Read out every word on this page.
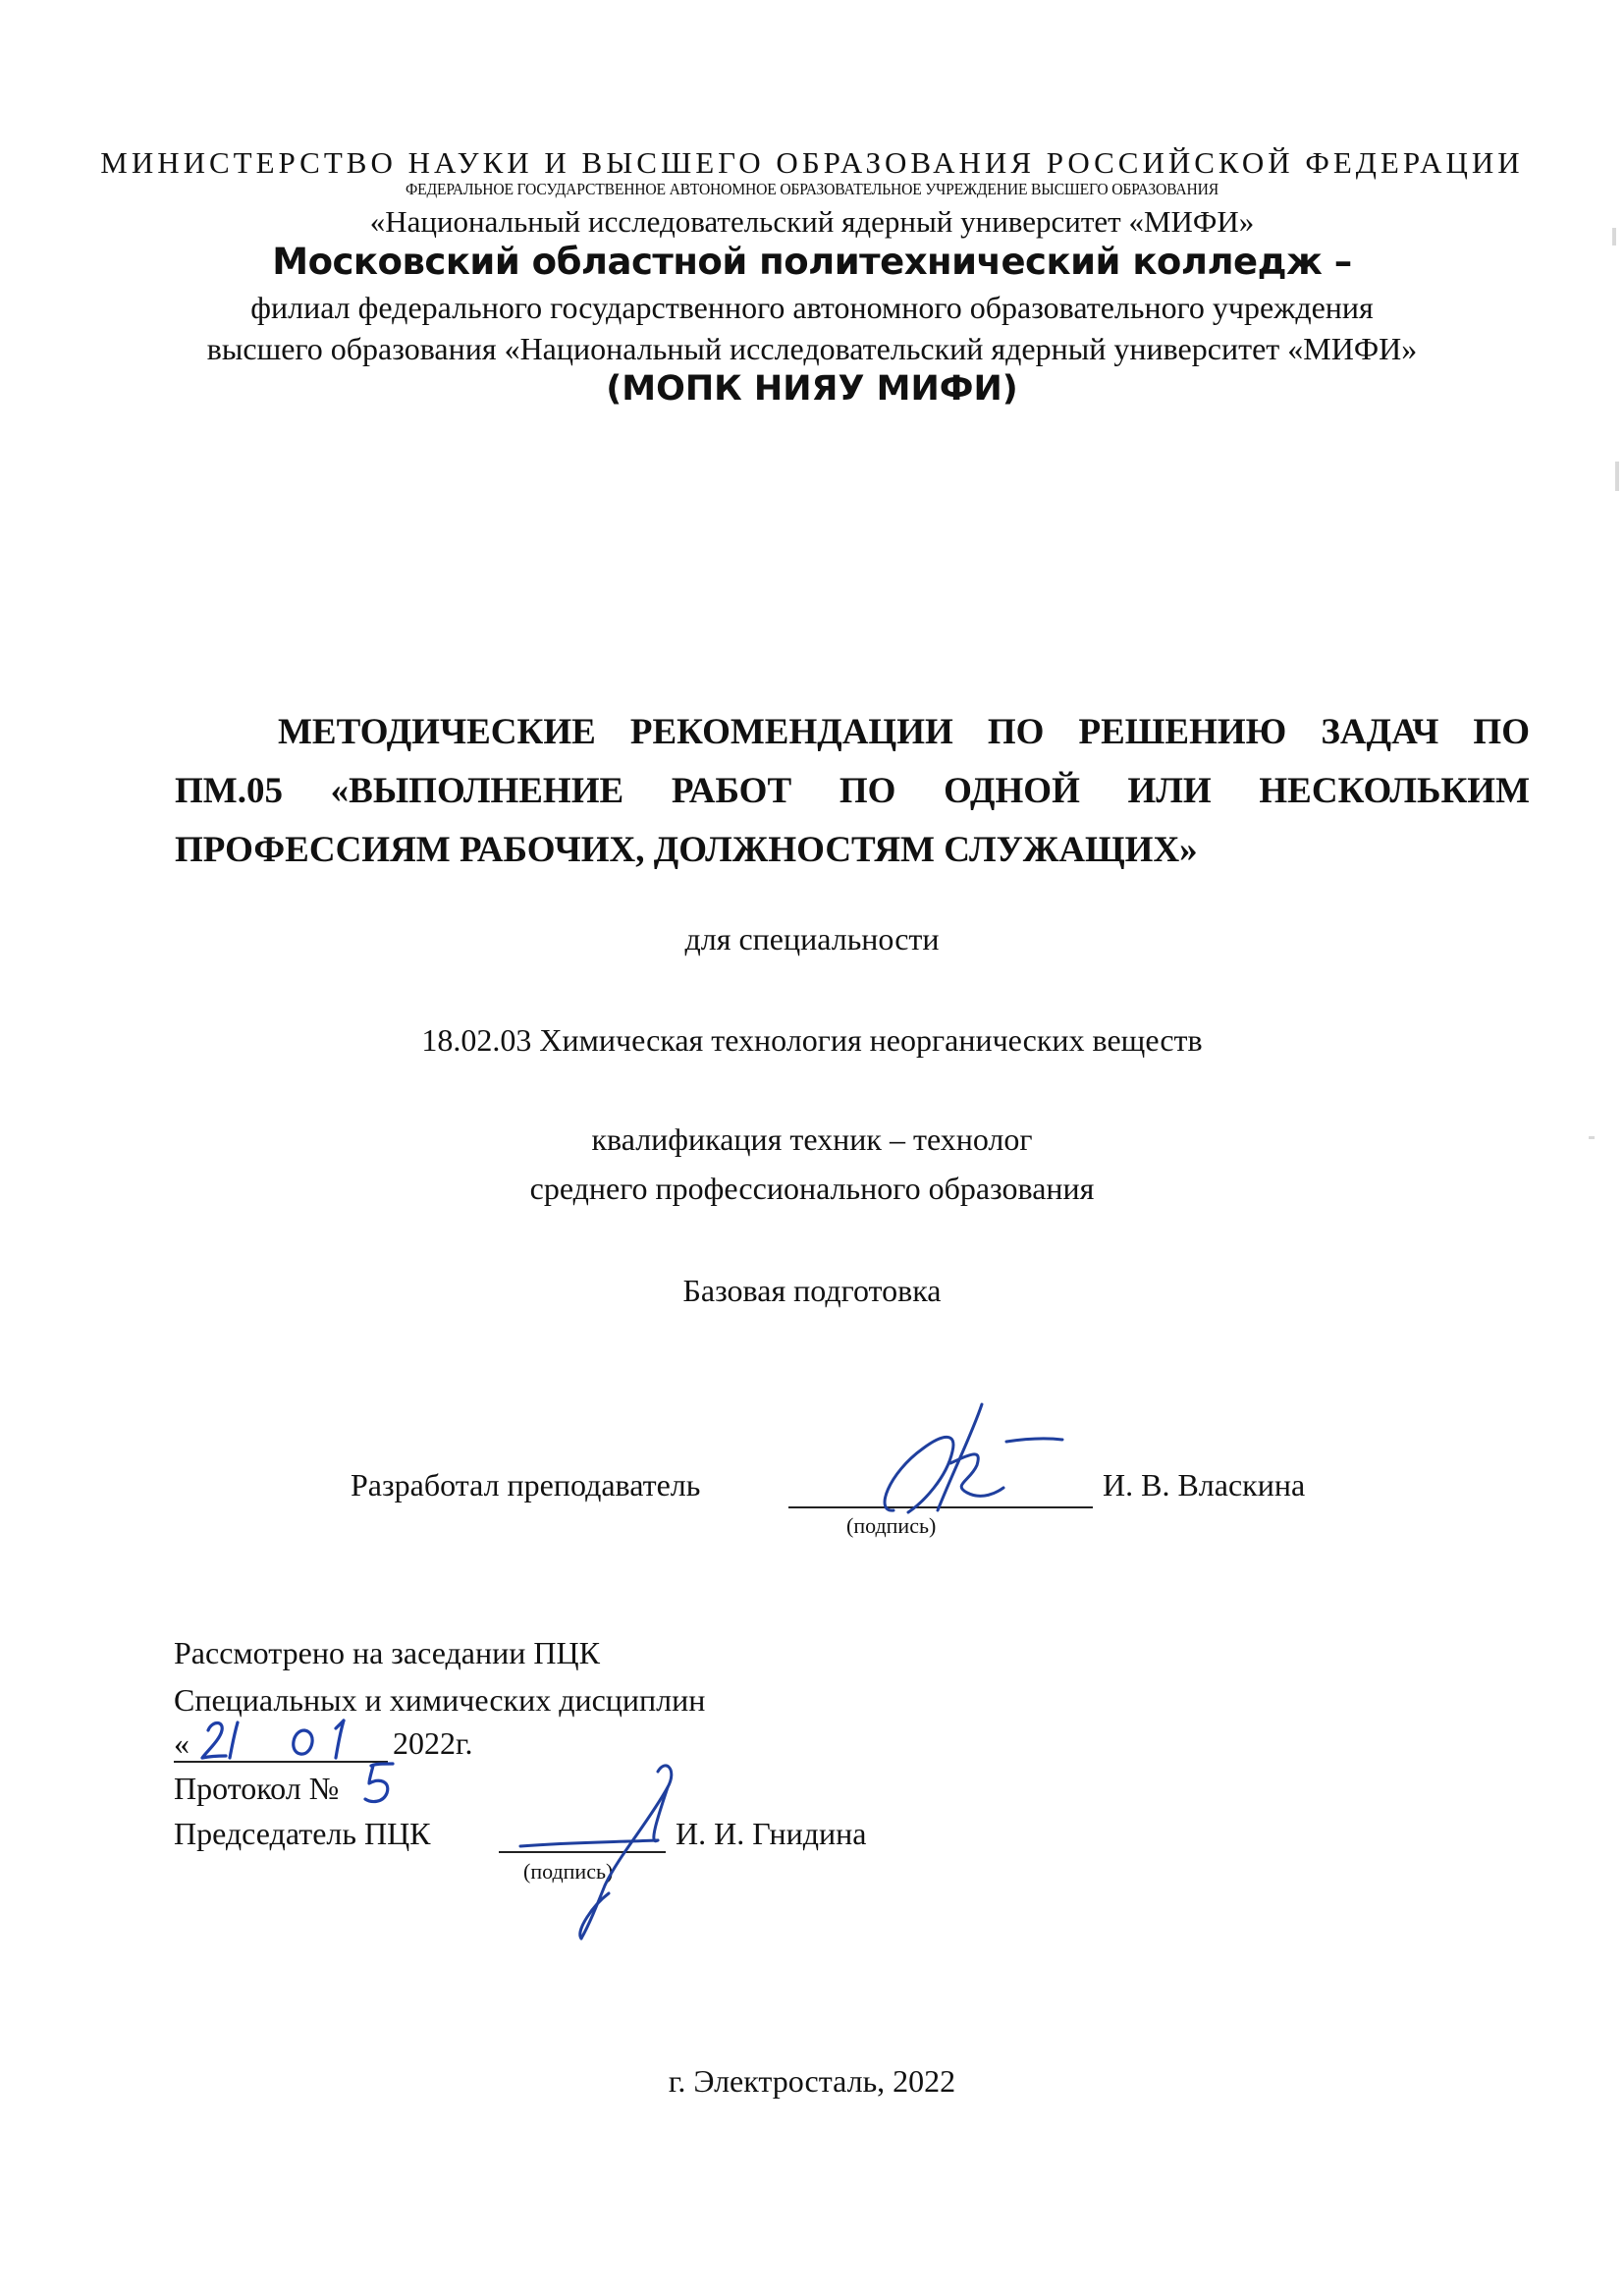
МИНИСТЕРСТВО НАУКИ И ВЫСШЕГО ОБРАЗОВАНИЯ РОССИЙСКОЙ ФЕДЕРАЦИИ
ФЕДЕРАЛЬНОЕ ГОСУДАРСТВЕННОЕ АВТОНОМНОЕ ОБРАЗОВАТЕЛЬНОЕ УЧРЕЖДЕНИЕ ВЫСШЕГО ОБРАЗОВАНИЯ
«Национальный исследовательский ядерный университет «МИФИ»
Московский областной политехнический колледж –
филиал федерального государственного автономного образовательного учреждения
высшего образования «Национальный исследовательский ядерный университет «МИФИ»
(МОПК НИЯУ МИФИ)
МЕТОДИЧЕСКИЕ РЕКОМЕНДАЦИИ ПО РЕШЕНИЮ ЗАДАЧ ПО
ПМ.05 «ВЫПОЛНЕНИЕ РАБОТ ПО ОДНОЙ ИЛИ НЕСКОЛЬКИМ
ПРОФЕССИЯМ РАБОЧИХ, ДОЛЖНОСТЯМ СЛУЖАЩИХ»
для специальности
18.02.03 Химическая технология неорганических веществ
квалификация техник – технолог
среднего профессионального образования
Базовая подготовка
Разработал преподаватель	И. В. Власкина
(подпись)
Рассмотрено на заседании ПЦК
Специальных и химических дисциплин
«	2022г.
Протокол №
Председатель ПЦК	И. И. Гнидина
(подпись)
г. Электросталь, 2022
